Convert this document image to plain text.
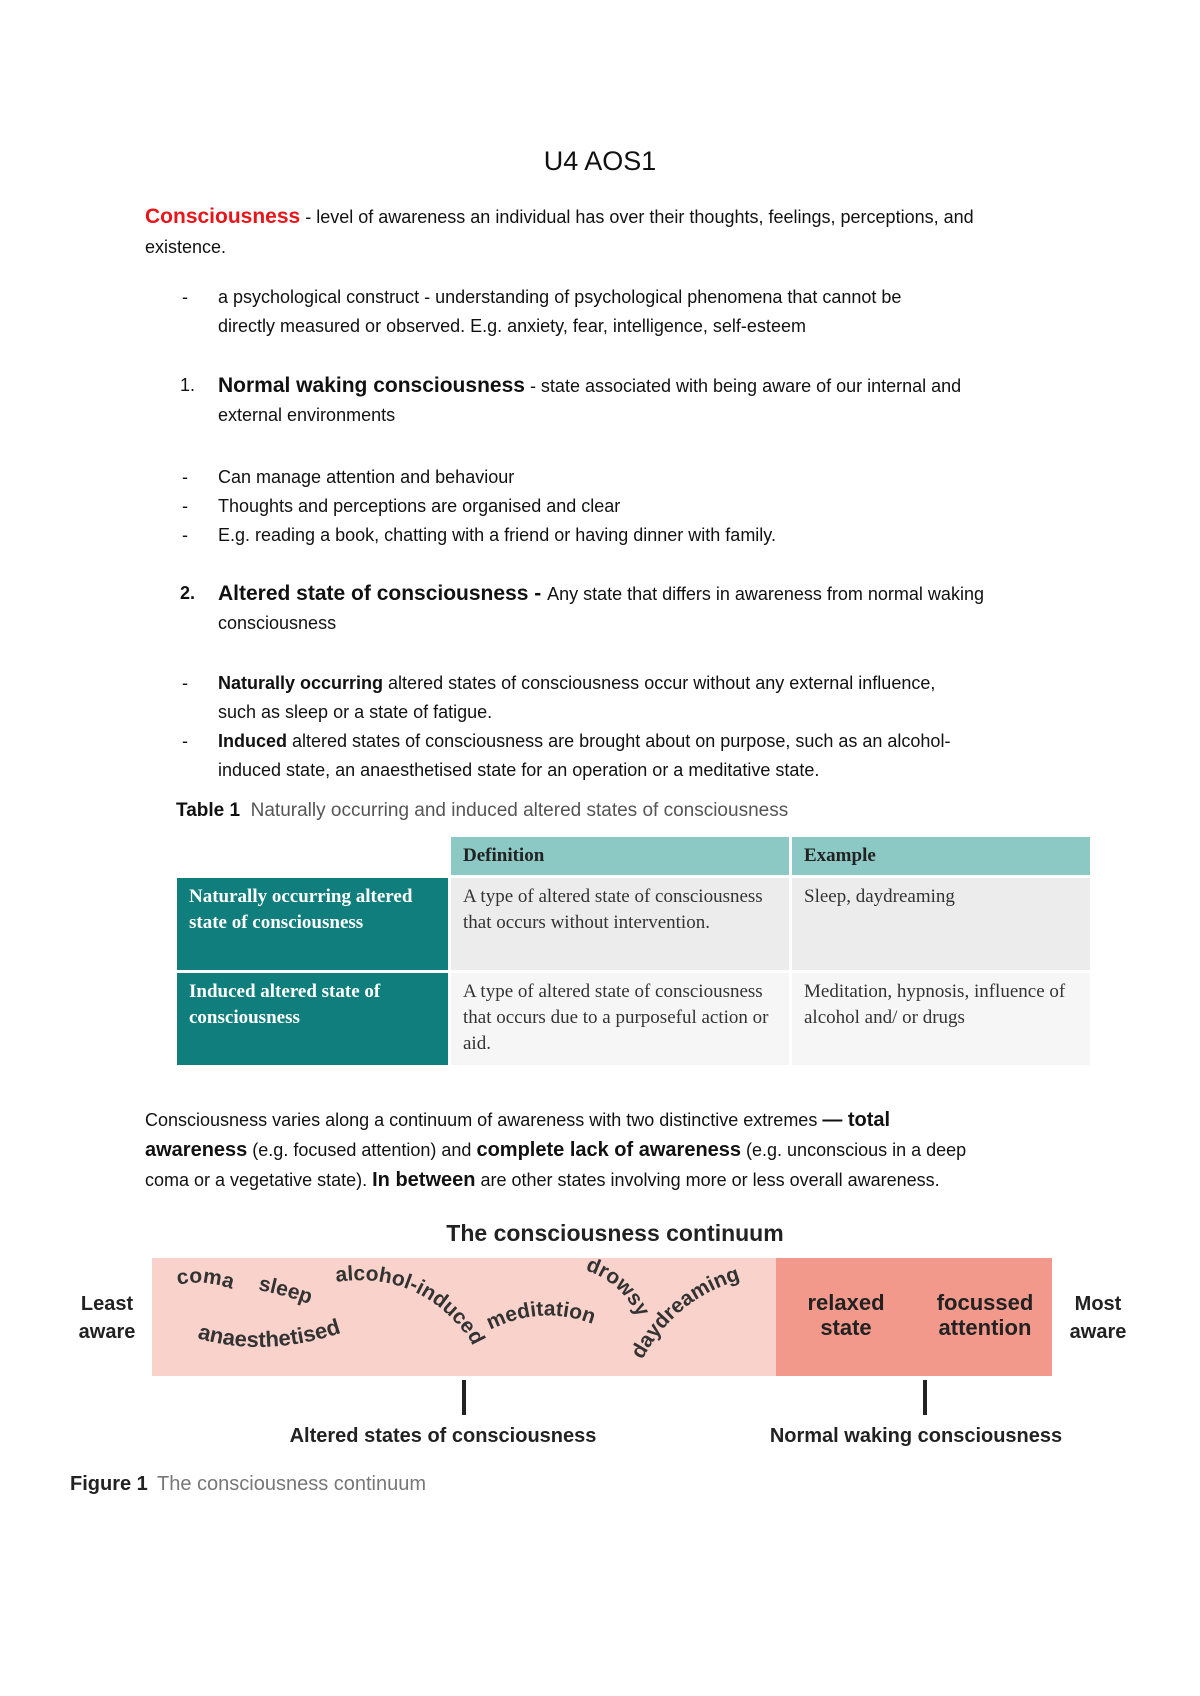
U4 AOS1
Consciousness - level of awareness an individual has over their thoughts, feelings, perceptions, and
existence.
- a psychological construct - understanding of psychological phenomena that cannot be
directly measured or observed. E.g. anxiety, fear, intelligence, self-esteem
1. Normal waking consciousness - state associated with being aware of our internal and
external environments
- Can manage attention and behaviour
- Thoughts and perceptions are organised and clear
- E.g. reading a book, chatting with a friend or having dinner with family.
2. Altered state of consciousness - Any state that differs in awareness from normal waking
consciousness
- Naturally occurring altered states of consciousness occur without any external influence,
such as sleep or a state of fatigue.
- Induced altered states of consciousness are brought about on purpose, such as an alcohol-
induced state, an anaesthetised state for an operation or a meditative state.
Table 1 Naturally occurring and induced altered states of consciousness
	Definition	Example
Naturally occurring altered state of consciousness	A type of altered state of consciousness that occurs without intervention.	Sleep, daydreaming
Induced altered state of consciousness	A type of altered state of consciousness that occurs due to a purposeful action or aid.	Meditation, hypnosis, influence of alcohol and/ or drugs
Consciousness varies along a continuum of awareness with two distinctive extremes — total
awareness (e.g. focused attention) and complete lack of awareness (e.g. unconscious in a deep
coma or a vegetative state). In between are other states involving more or less overall awareness.
The consciousness continuum
Least
aware
Most
aware
coma sleep
alcohol-induced
anaesthetised	meditation
drowsy
daydreaming
relaxed
state
focussed
attention
Altered states of consciousness	Normal waking consciousness
Figure 1 The consciousness continuum
